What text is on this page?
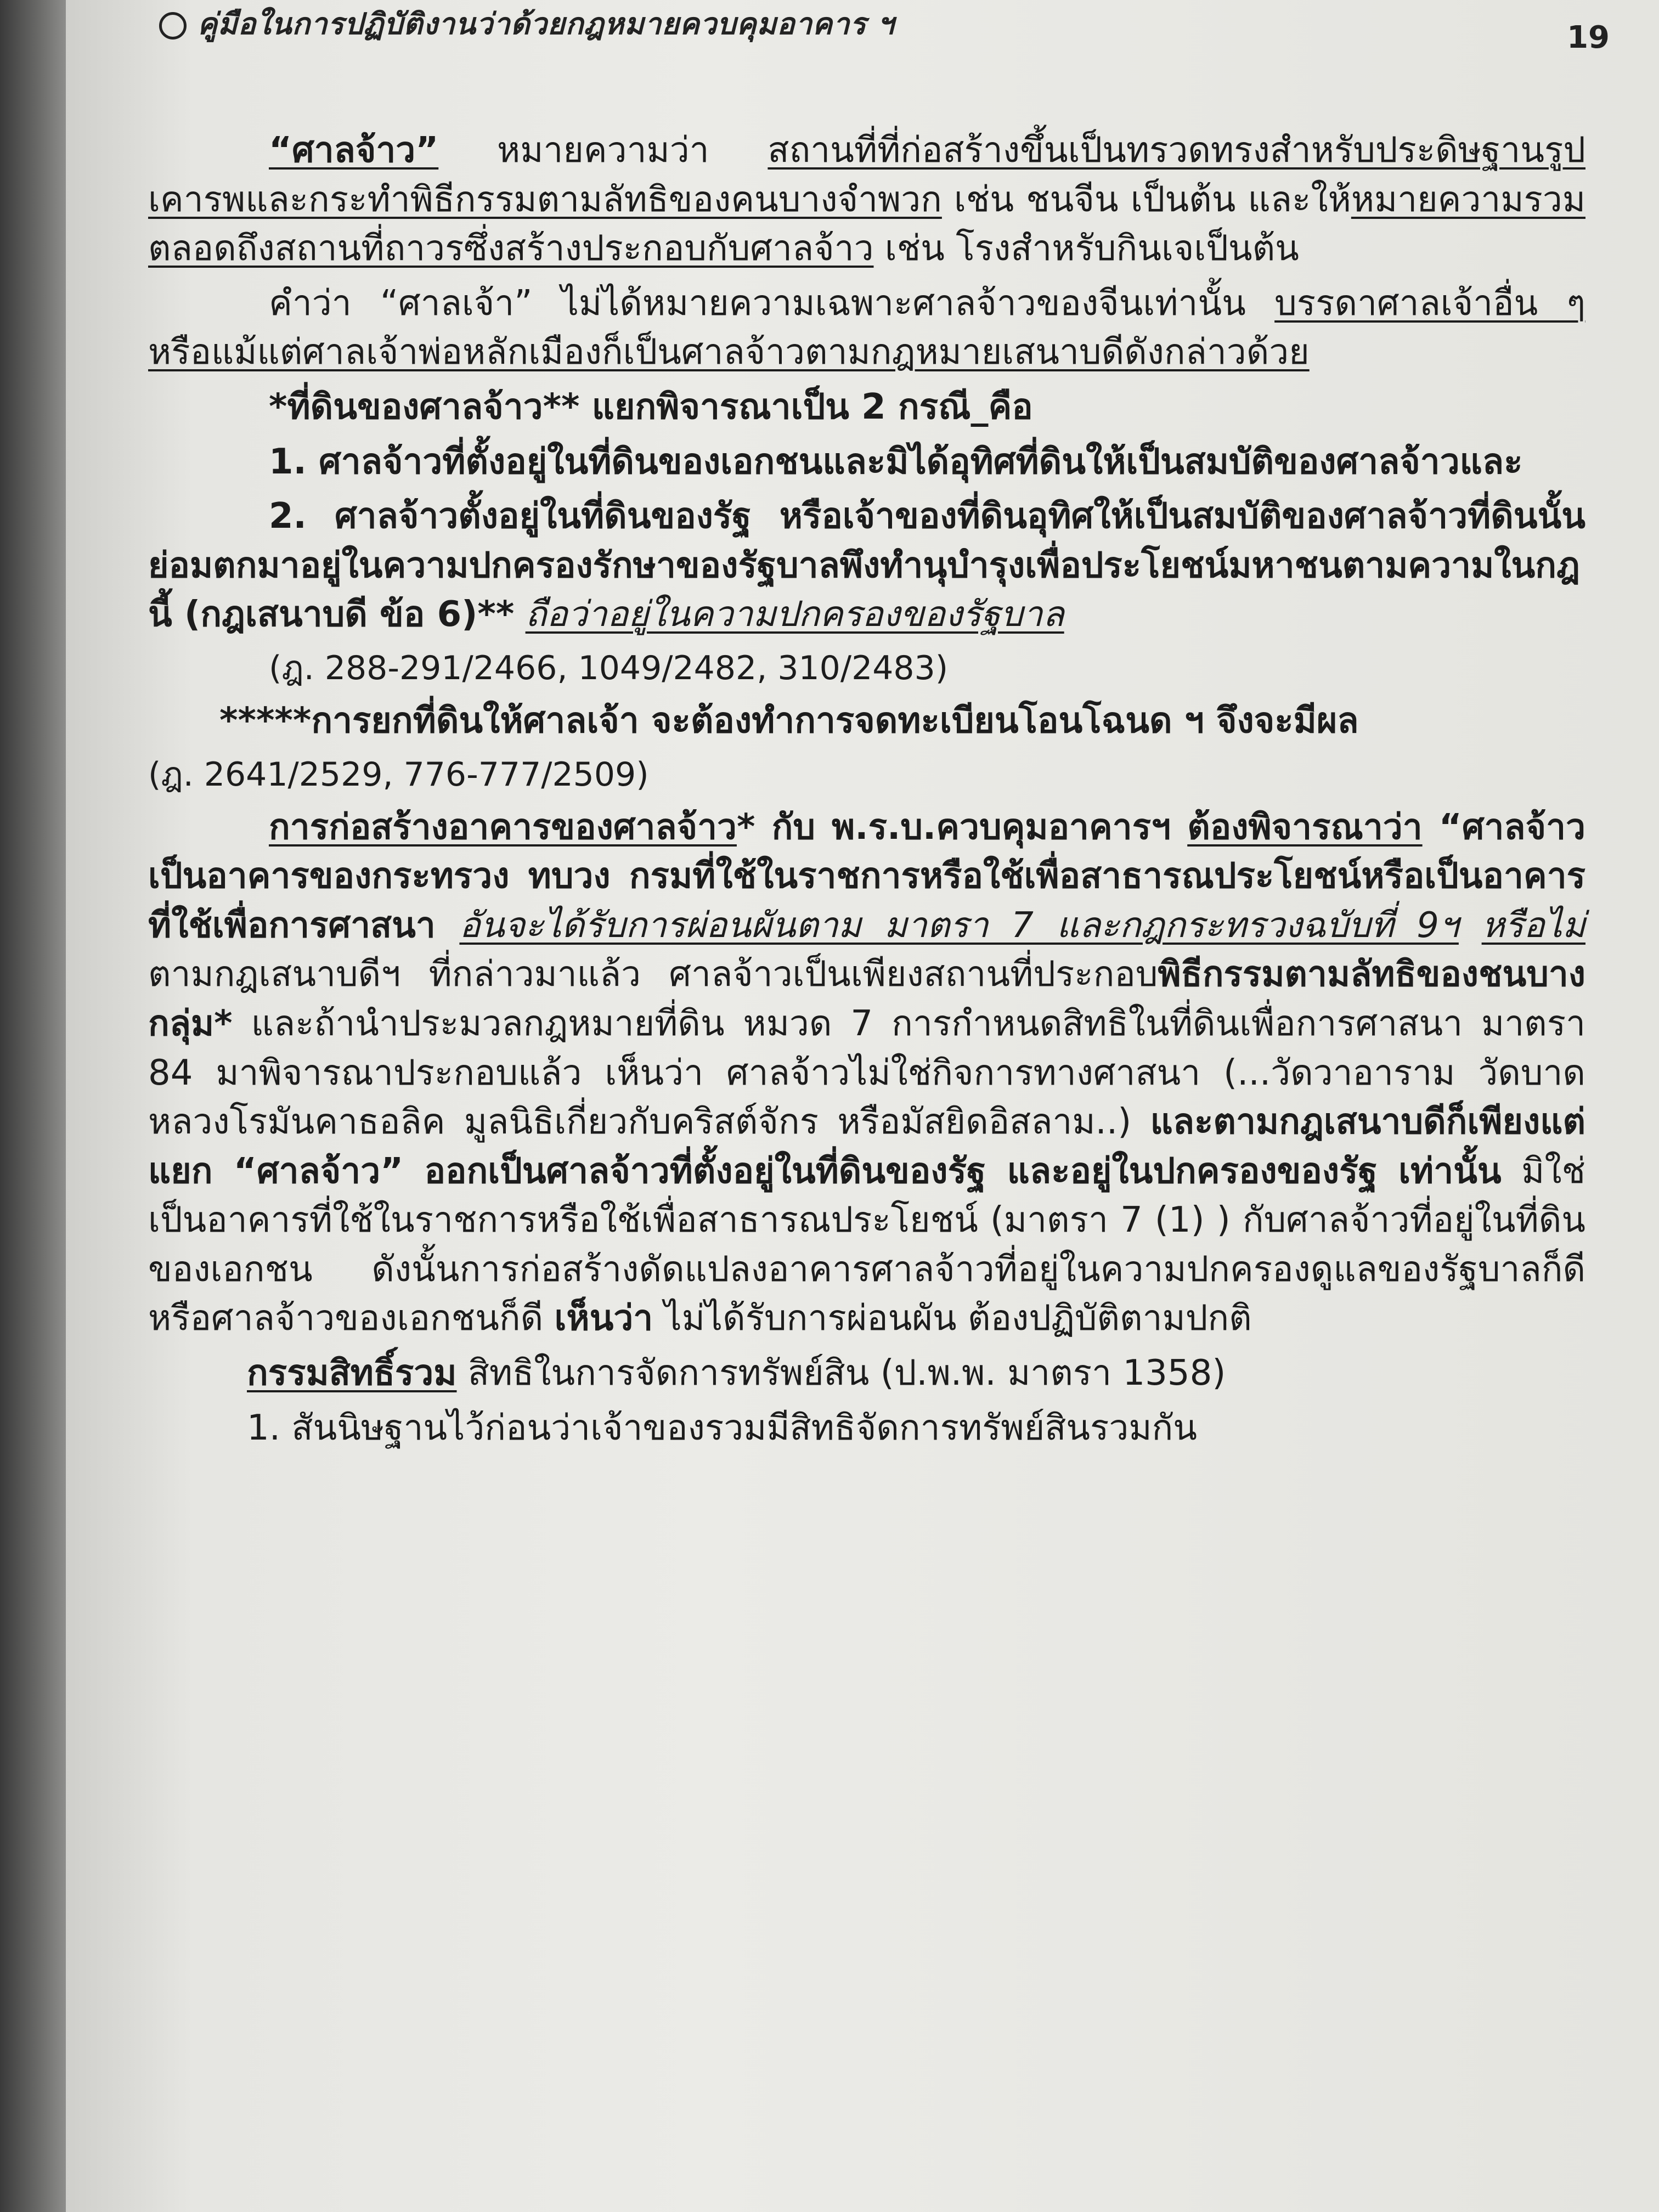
คู่มือในการปฏิบัติงานว่าด้วยกฎหมายควบคุมอาคาร ฯ	19

“ศาลจ้าว” หมายความว่า สถานที่ที่ก่อสร้างขึ้นเป็นทรวดทรงสำหรับประดิษฐานรูปเคารพและกระทำพิธีกรรมตามลัทธิของคนบางจำพวก เช่น ชนจีน เป็นต้น และให้หมายความรวมตลอดถึงสถานที่ถาวรซึ่งสร้างประกอบกับศาลจ้าว เช่น โรงสำหรับกินเจเป็นต้น

คำว่า “ศาลเจ้า” ไม่ได้หมายความเฉพาะศาลจ้าวของจีนเท่านั้น บรรดาศาลเจ้าอื่น ๆ หรือแม้แต่ศาลเจ้าพ่อหลักเมืองก็เป็นศาลจ้าวตามกฎหมายเสนาบดีดังกล่าวด้วย

*ที่ดินของศาลจ้าว** แยกพิจารณาเป็น 2 กรณี_คือ

1. ศาลจ้าวที่ตั้งอยู่ในที่ดินของเอกชนและมิได้อุทิศที่ดินให้เป็นสมบัติของศาลจ้าวและ

2. ศาลจ้าวตั้งอยู่ในที่ดินของรัฐ หรือเจ้าของที่ดินอุทิศให้เป็นสมบัติของศาลจ้าวที่ดินนั้นย่อมตกมาอยู่ในความปกครองรักษาของรัฐบาลพึงทำนุบำรุงเพื่อประโยชน์มหาชนตามความในกฎนี้ (กฎเสนาบดี ข้อ 6)** ถือว่าอยู่ในความปกครองของรัฐบาล

(ฎ. 288-291/2466, 1049/2482, 310/2483)

*****การยกที่ดินให้ศาลเจ้า จะต้องทำการจดทะเบียนโอนโฉนด ฯ จึงจะมีผล

(ฎ. 2641/2529, 776-777/2509)

การก่อสร้างอาคารของศาลจ้าว* กับ พ.ร.บ.ควบคุมอาคารฯ ต้องพิจารณาว่า “ศาลจ้าวเป็นอาคารของกระทรวง ทบวง กรมที่ใช้ในราชการหรือใช้เพื่อสาธารณประโยชน์หรือเป็นอาคารที่ใช้เพื่อการศาสนา อันจะได้รับการผ่อนผันตาม มาตรา 7 และกฎกระทรวงฉบับที่ 9ฯ หรือไม่ ตามกฎเสนาบดีฯ ที่กล่าวมาแล้ว ศาลจ้าวเป็นเพียงสถานที่ประกอบพิธีกรรมตามลัทธิของชนบางกลุ่ม* และถ้านำประมวลกฎหมายที่ดิน หมวด 7 การกำหนดสิทธิในที่ดินเพื่อการศาสนา มาตรา 84 มาพิจารณาประกอบแล้ว เห็นว่า ศาลจ้าวไม่ใช่กิจการทางศาสนา (...วัดวาอาราม วัดบาดหลวงโรมันคาธอลิค มูลนิธิเกี่ยวกับคริสต์จักร หรือมัสยิดอิสลาม..) และตามกฎเสนาบดีก็เพียงแต่แยก “ศาลจ้าว” ออกเป็นศาลจ้าวที่ตั้งอยู่ในที่ดินของรัฐ และอยู่ในปกครองของรัฐ เท่านั้น มิใช่เป็นอาคารที่ใช้ในราชการหรือใช้เพื่อสาธารณประโยชน์ (มาตรา 7 (1) ) กับศาลจ้าวที่อยู่ในที่ดินของเอกชน ดังนั้นการก่อสร้างดัดแปลงอาคารศาลจ้าวที่อยู่ในความปกครองดูแลของรัฐบาลก็ดี หรือศาลจ้าวของเอกชนก็ดี เห็นว่า ไม่ได้รับการผ่อนผัน ต้องปฏิบัติตามปกติ

กรรมสิทธิ์รวม สิทธิในการจัดการทรัพย์สิน (ป.พ.พ. มาตรา 1358)

1. สันนิษฐานไว้ก่อนว่าเจ้าของรวมมีสิทธิจัดการทรัพย์สินรวมกัน
